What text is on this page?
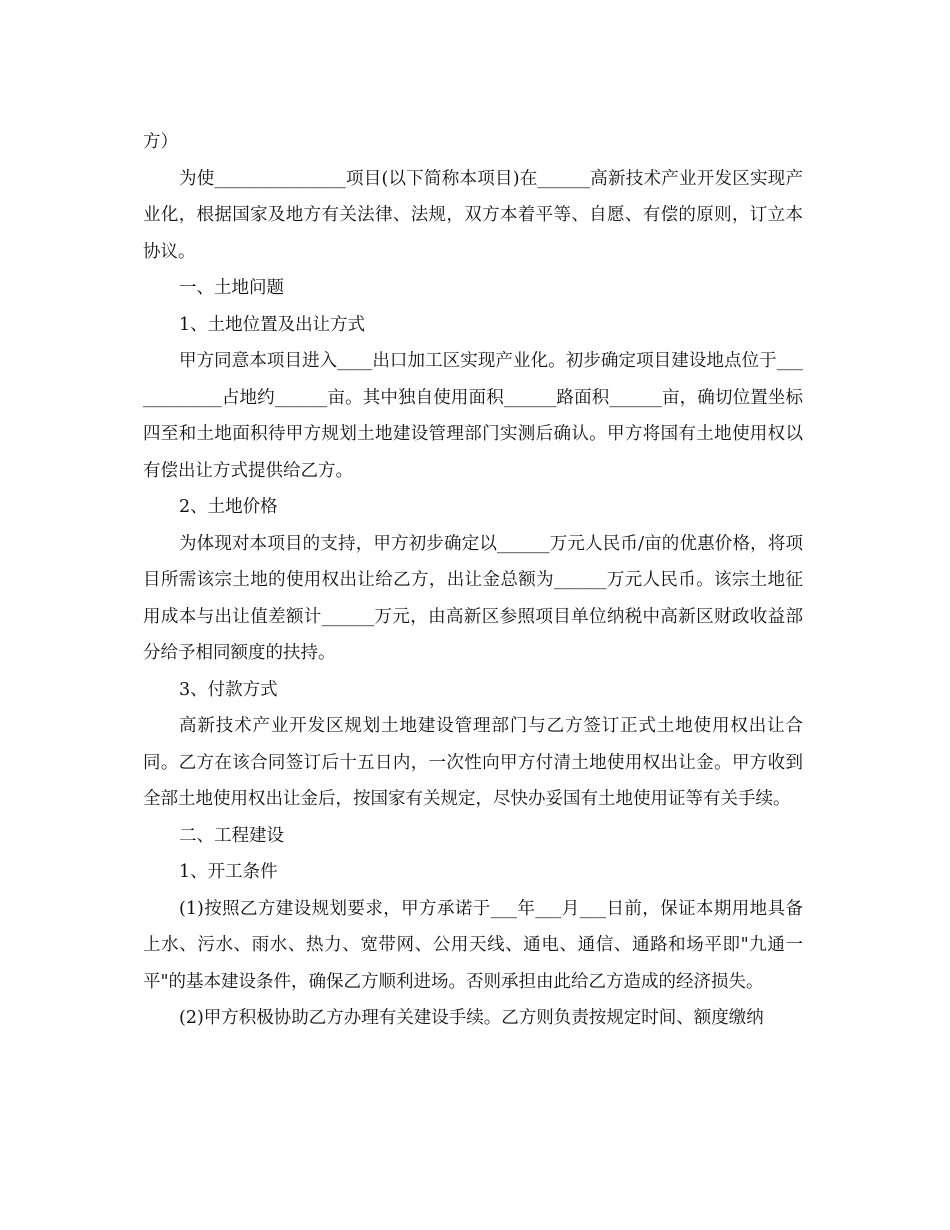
方）

为使_______________项目(以下简称本项目)在______高新技术产业开发区实现产业化，根据国家及地方有关法律、法规，双方本着平等、自愿、有偿的原则，订立本协议。

一、土地问题

1、土地位置及出让方式

甲方同意本项目进入____出口加工区实现产业化。初步确定项目建设地点位于____________占地约______亩。其中独自使用面积______路面积______亩，确切位置坐标四至和土地面积待甲方规划土地建设管理部门实测后确认。甲方将国有土地使用权以有偿出让方式提供给乙方。

2、土地价格

为体现对本项目的支持，甲方初步确定以______万元人民币/亩的优惠价格，将项目所需该宗土地的使用权出让给乙方，出让金总额为______万元人民币。该宗土地征用成本与出让值差额计______万元，由高新区参照项目单位纳税中高新区财政收益部分给予相同额度的扶持。

3、付款方式

高新技术产业开发区规划土地建设管理部门与乙方签订正式土地使用权出让合同。乙方在该合同签订后十五日内，一次性向甲方付清土地使用权出让金。甲方收到全部土地使用权出让金后，按国家有关规定，尽快办妥国有土地使用证等有关手续。

二、工程建设

1、开工条件

(1)按照乙方建设规划要求，甲方承诺于___年___月___日前，保证本期用地具备上水、污水、雨水、热力、宽带网、公用天线、通电、通信、通路和场平即"九通一平"的基本建设条件，确保乙方顺利进场。否则承担由此给乙方造成的经济损失。

(2)甲方积极协助乙方办理有关建设手续。乙方则负责按规定时间、额度缴纳
